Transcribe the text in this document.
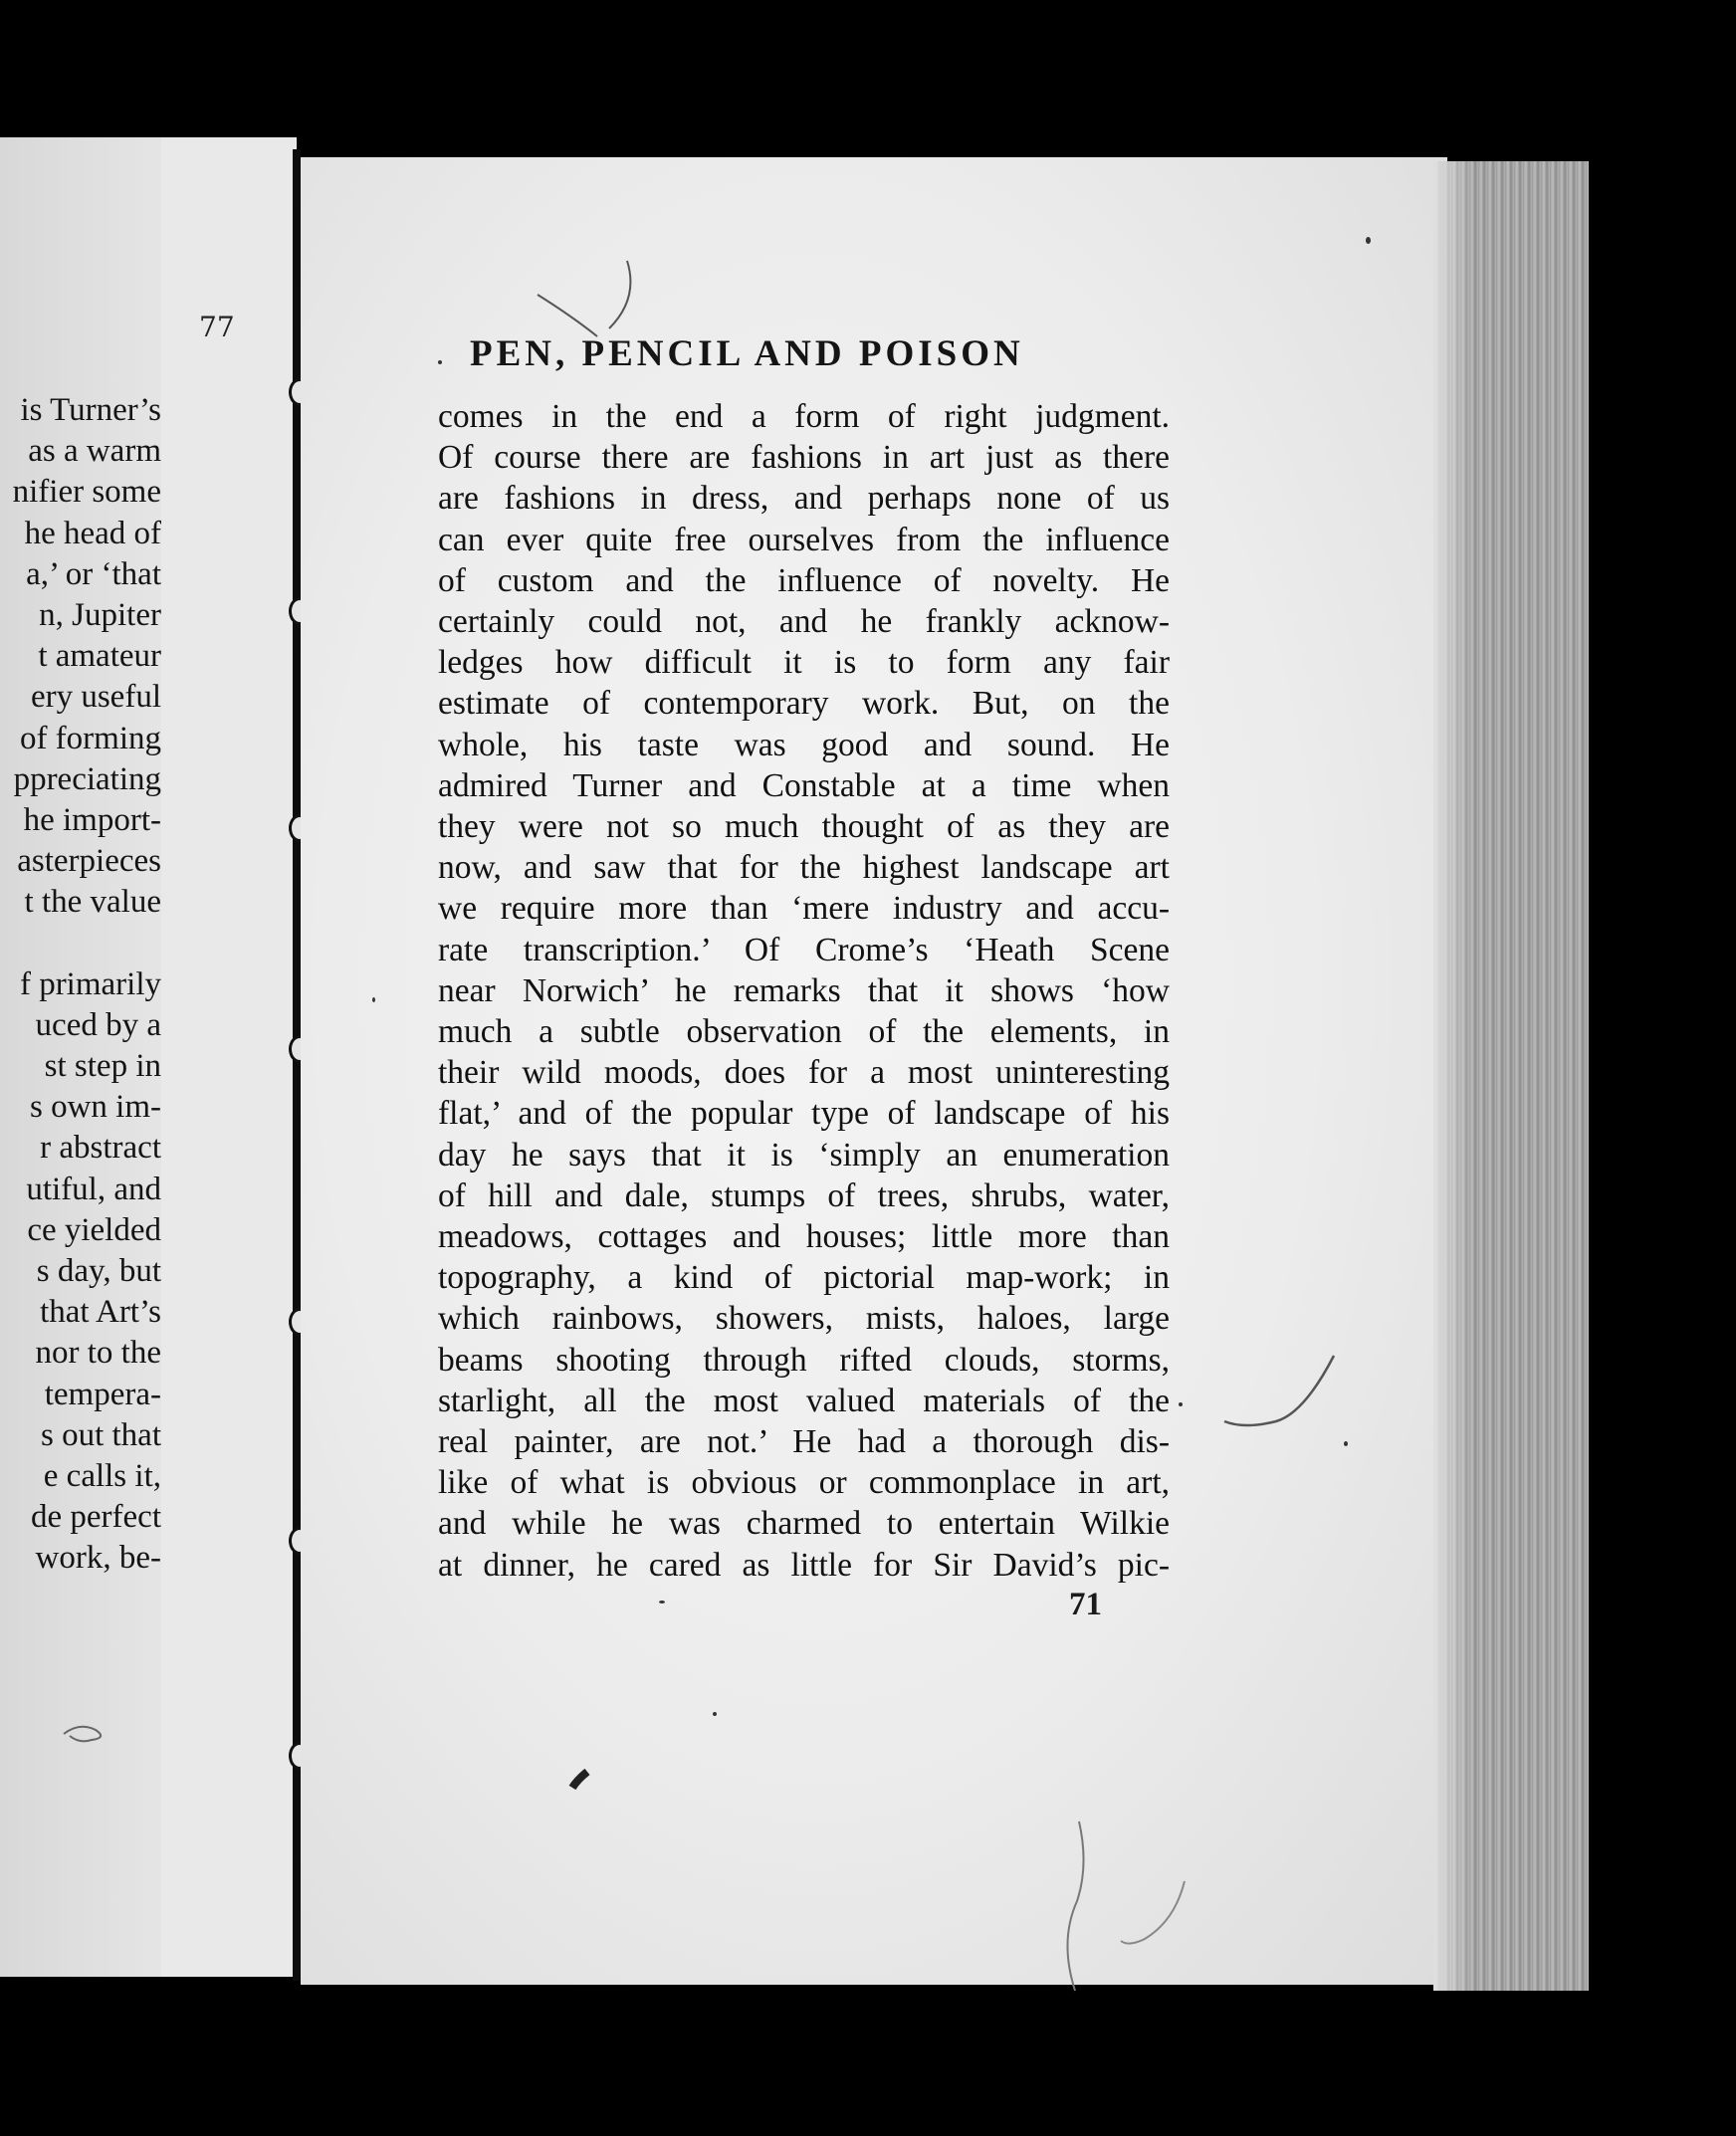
is Turner’s
as a warm
nifier some
he head of
a,’ or ‘that
n, Jupiter
t amateur
ery useful
of forming
ppreciating
he import-
asterpieces
t the value
f primarily
uced by a
st step in
s own im-
r abstract
utiful, and
ce yielded
s day, but
that Art’s
nor to the
tempera-
s out that
e calls it,
de perfect
work, be-
77
PEN, PENCIL AND POISON
comes in the end a form of right judgment.
Of course there are fashions in art just as there
are fashions in dress, and perhaps none of us
can ever quite free ourselves from the influence
of custom and the influence of novelty. He
certainly could not, and he frankly acknow-
ledges how difficult it is to form any fair
estimate of contemporary work. But, on the
whole, his taste was good and sound. He
admired Turner and Constable at a time when
they were not so much thought of as they are
now, and saw that for the highest landscape art
we require more than ‘mere industry and accu-
rate transcription.’ Of Crome’s ‘Heath Scene
near Norwich’ he remarks that it shows ‘how
much a subtle observation of the elements, in
their wild moods, does for a most uninteresting
flat,’ and of the popular type of landscape of his
day he says that it is ‘simply an enumeration
of hill and dale, stumps of trees, shrubs, water,
meadows, cottages and houses; little more than
topography, a kind of pictorial map-work; in
which rainbows, showers, mists, haloes, large
beams shooting through rifted clouds, storms,
starlight, all the most valued materials of the
real painter, are not.’ He had a thorough dis-
like of what is obvious or commonplace in art,
and while he was charmed to entertain Wilkie
at dinner, he cared as little for Sir David’s pic-
71
